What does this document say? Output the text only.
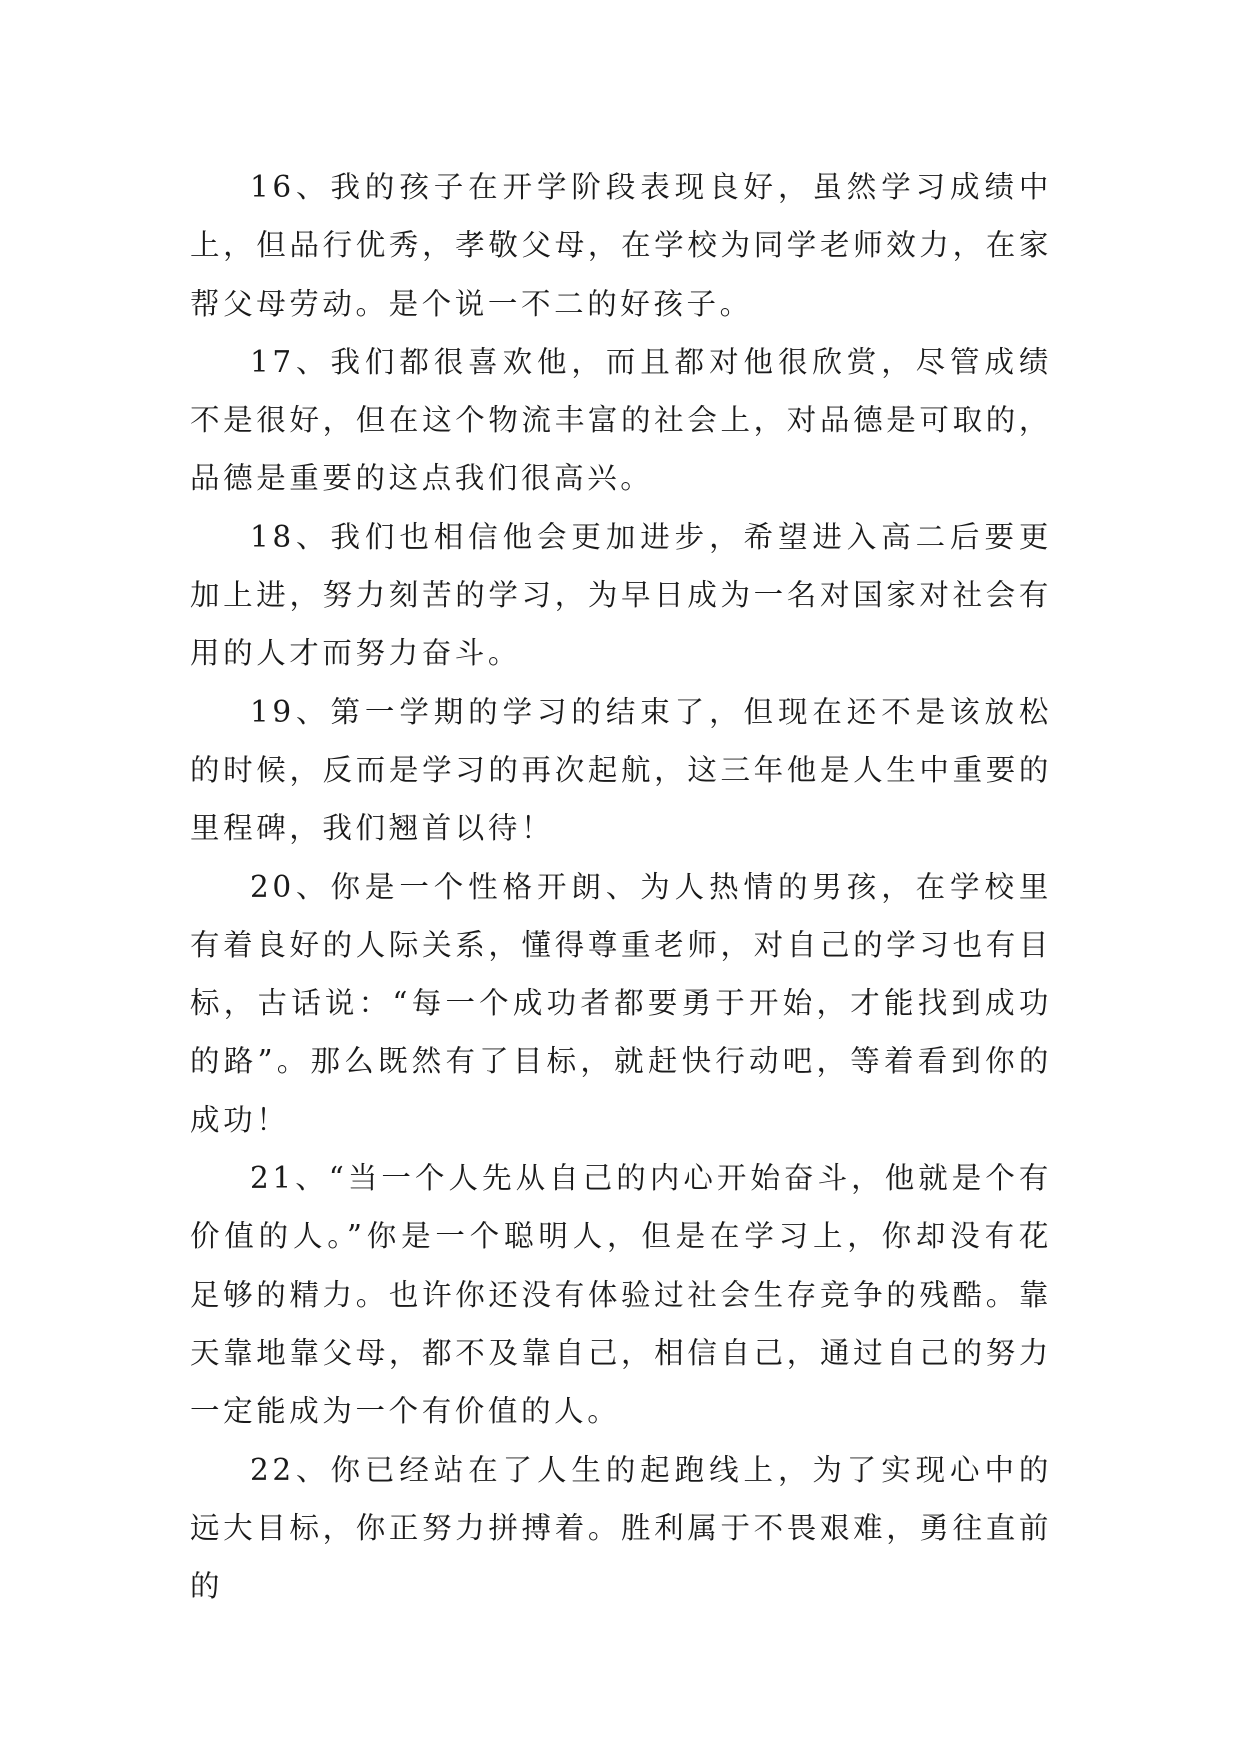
16、我的孩子在开学阶段表现良好，虽然学习成绩中上，但品行优秀，孝敬父母，在学校为同学老师效力，在家帮父母劳动。是个说一不二的好孩子。

17、我们都很喜欢他，而且都对他很欣赏，尽管成绩不是很好，但在这个物流丰富的社会上，对品德是可取的，品德是重要的这点我们很高兴。

18、我们也相信他会更加进步，希望进入高二后要更加上进，努力刻苦的学习，为早日成为一名对国家对社会有用的人才而努力奋斗。

19、第一学期的学习的结束了，但现在还不是该放松的时候，反而是学习的再次起航，这三年他是人生中重要的里程碑，我们翘首以待！

20、你是一个性格开朗、为人热情的男孩，在学校里有着良好的人际关系，懂得尊重老师，对自己的学习也有目标，古话说：“每一个成功者都要勇于开始，才能找到成功的路”。那么既然有了目标，就赶快行动吧，等着看到你的成功！

21、“当一个人先从自己的内心开始奋斗，他就是个有价值的人。”你是一个聪明人，但是在学习上，你却没有花足够的精力。也许你还没有体验过社会生存竞争的残酷。靠天靠地靠父母，都不及靠自己，相信自己，通过自己的努力一定能成为一个有价值的人。

22、你已经站在了人生的起跑线上，为了实现心中的远大目标，你正努力拼搏着。胜利属于不畏艰难，勇往直前的
